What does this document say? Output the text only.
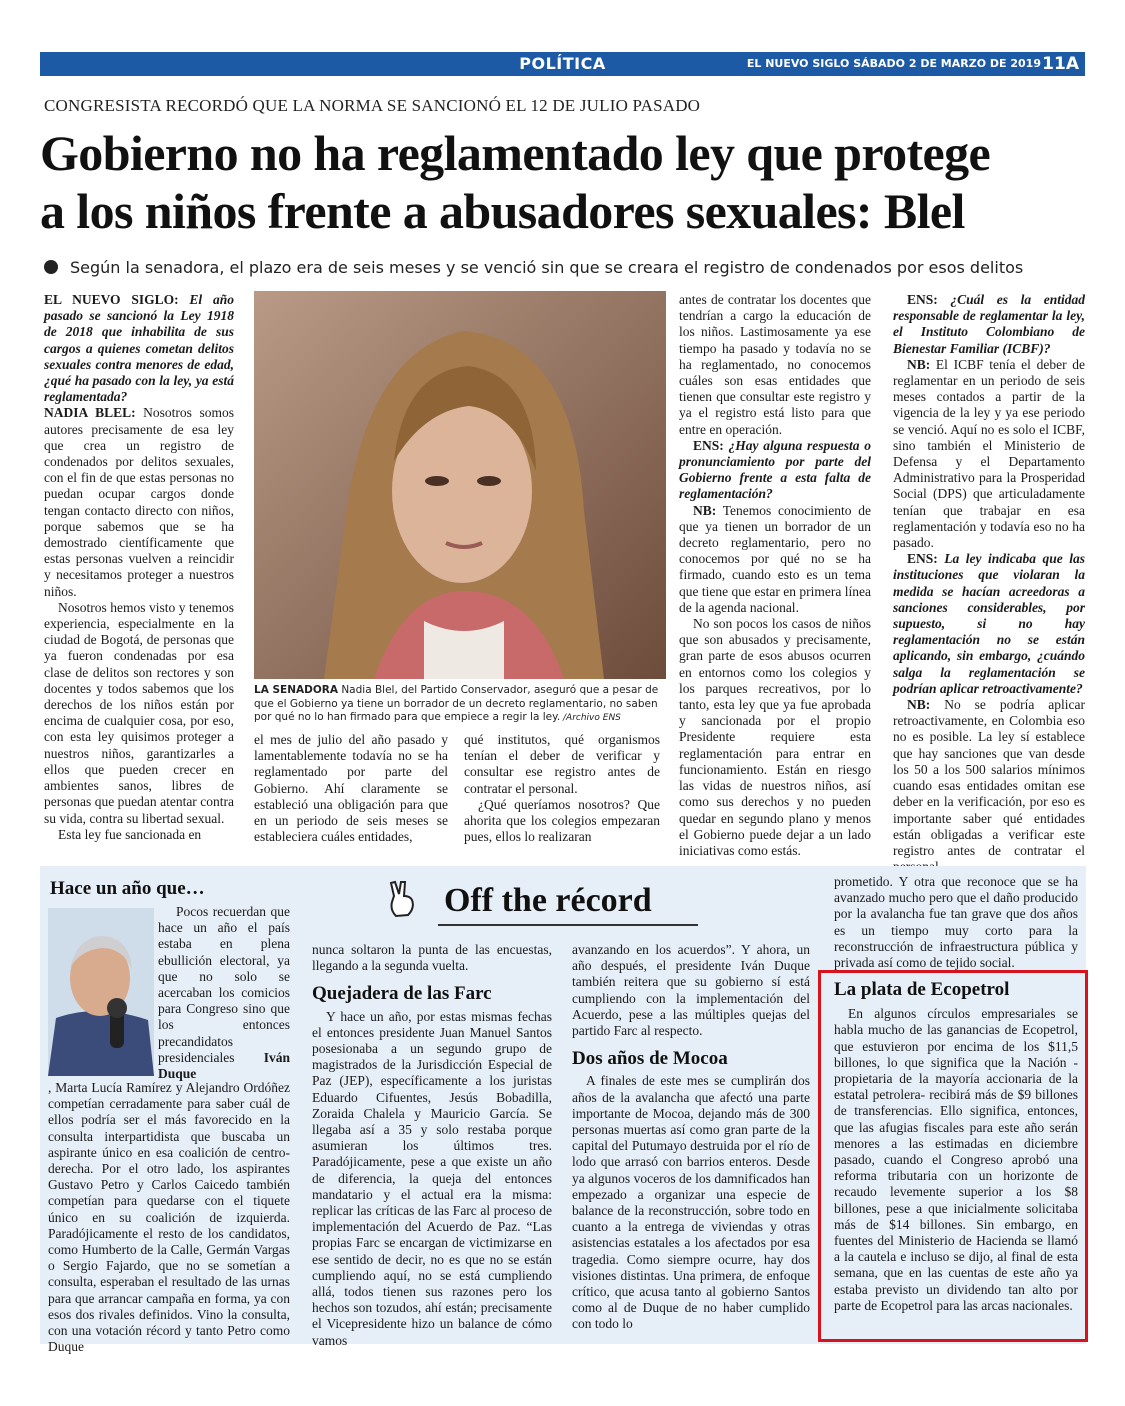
POLÍTICA	EL NUEVO SIGLO SÁBADO 2 DE MARZO DE 2019 11A
CONGRESISTA RECORDÓ QUE LA NORMA SE SANCIONÓ EL 12 DE JULIO PASADO
Gobierno no ha reglamentado ley que protege
a los niños frente a abusadores sexuales: Blel
Según la senadora, el plazo era de seis meses y se venció sin que se creara el registro de condenados por esos delitos

EL NUEVO SIGLO: El año pasado se sancionó la Ley 1918 de 2018 que inhabilita de sus cargos a quienes cometan delitos sexuales contra menores de edad, ¿qué ha pasado con la ley, ya está reglamentada?

NADIA BLEL: Nosotros somos autores precisamente de esa ley que crea un registro de condenados por delitos sexuales, con el fin de que estas personas no puedan ocupar cargos donde tengan contacto directo con niños, porque sabemos que se ha demostrado científicamente que estas personas vuelven a reincidir y necesitamos proteger a nuestros niños.

Nosotros hemos visto y tenemos experiencia, especialmente en la ciudad de Bogotá, de personas que ya fueron condenadas por esa clase de delitos son rectores y son docentes y todos sabemos que los derechos de los niños están por encima de cualquier cosa, por eso, con esta ley quisimos proteger a nuestros niños, garantizarles a ellos que pueden crecer en ambientes sanos, libres de personas que puedan atentar contra su vida, contra su libertad sexual.

Esta ley fue sancionada en

LA SENADORA Nadia Blel, del Partido Conservador, aseguró que a pesar de que el Gobierno ya tiene un borrador de un decreto reglamentario, no saben por qué no lo han firmado para que empiece a regir la ley. /Archivo ENS

el mes de julio del año pasado y lamentablemente todavía no se ha reglamentado por parte del Gobierno. Ahí claramente se estableció una obligación para que en un periodo de seis meses se estableciera cuáles entidades,

qué institutos, qué organismos tenían el deber de verificar y consultar ese registro antes de contratar el personal.

¿Qué queríamos nosotros? Que ahorita que los colegios empezaran pues, ellos lo realizaran

antes de contratar los docentes que tendrían a cargo la educación de los niños. Lastimosamente ya ese tiempo ha pasado y todavía no se ha reglamentado, no conocemos cuáles son esas entidades que tienen que consultar este registro y ya el registro está listo para que entre en operación.

ENS: ¿Hay alguna respuesta o pronunciamiento por parte del Gobierno frente a esta falta de reglamentación?

NB: Tenemos conocimiento de que ya tienen un borrador de un decreto reglamentario, pero no conocemos por qué no se ha firmado, cuando esto es un tema que tiene que estar en primera línea de la agenda nacional.

No son pocos los casos de niños que son abusados y precisamente, gran parte de esos abusos ocurren en entornos como los colegios y los parques recreativos, por lo tanto, esta ley que ya fue aprobada y sancionada por el propio Presidente requiere esta reglamentación para entrar en funcionamiento. Están en riesgo las vidas de nuestros niños, así como sus derechos y no pueden quedar en segundo plano y menos el Gobierno puede dejar a un lado iniciativas como estás.

ENS: ¿Cuál es la entidad responsable de reglamentar la ley, el Instituto Colombiano de Bienestar Familiar (ICBF)?

NB: El ICBF tenía el deber de reglamentar en un periodo de seis meses contados a partir de la vigencia de la ley y ya ese periodo se venció. Aquí no es solo el ICBF, sino también el Ministerio de Defensa y el Departamento Administrativo para la Prosperidad Social (DPS) que articuladamente tenían que trabajar en esa reglamentación y todavía eso no ha pasado.

ENS: La ley indicaba que las instituciones que violaran la medida se hacían acreedoras a sanciones considerables, por supuesto, si no hay reglamentación no se están aplicando, sin embargo, ¿cuándo salga la reglamentación se podrían aplicar retroactivamente?

NB: No se podría aplicar retroactivamente, en Colombia eso no es posible. La ley sí establece que hay sanciones que van desde los 50 a los 500 salarios mínimos cuando esas entidades omitan ese deber en la verificación, por eso es importante saber qué entidades están obligadas a verificar este registro antes de contratar el

Off the récord
Hace un año que…

Pocos recuerdan que hace un año el país estaba en plena ebullición electoral, ya que no solo se acercaban los comicios para Congreso sino que los entonces precandidatos presidenciales Iván Duque

, Marta Lucía Ramírez y Alejandro Ordóñez competían cerradamente para saber cuál de ellos podría ser el más favorecido en la consulta interpartidista que buscaba un aspirante único en esa coalición de centro-derecha. Por el otro lado, los aspirantes Gustavo Petro y Carlos Caicedo también competían para quedarse con el tiquete único en su coalición de izquierda. Paradójicamente el resto de los candidatos, como Humberto de la Calle, Germán Vargas o Sergio Fajardo, que no se sometían a consulta, esperaban el resultado de las urnas para que arrancar campaña en forma, ya con esos dos rivales definidos. Vino la consulta, con una votación récord y tanto Petro como Duque

nunca soltaron la punta de las encuestas, llegando a la segunda vuelta.

Quejadera de las Farc

Y hace un año, por estas mismas fechas el entonces presidente Juan Manuel Santos posesionaba a un segundo grupo de magistrados de la Jurisdicción Especial de Paz (JEP), específicamente a los juristas Eduardo Cifuentes, Jesús Bobadilla, Zoraida Chalela y Mauricio García. Se llegaba así a 35 y solo restaba porque asumieran los últimos tres. Paradójicamente, pese a que existe un año de diferencia, la queja del entonces mandatario y el actual era la misma: replicar las críticas de las Farc al proceso de implementación del Acuerdo de Paz. “Las propias Farc se encargan de victimizarse en ese sentido de decir, no es que no se están cumpliendo aquí, no se está cumpliendo allá, todos tienen sus razones pero los hechos son tozudos, ahí están; precisamente el Vicepresidente hizo un balance de cómo vamos

avanzando en los acuerdos”. Y ahora, un año después, el presidente Iván Duque también reitera que su gobierno sí está cumpliendo con la implementación del Acuerdo, pese a las múltiples quejas del partido Farc al respecto.

Dos años de Mocoa

A finales de este mes se cumplirán dos años de la avalancha que afectó una parte importante de Mocoa, dejando más de 300 personas muertas así como gran parte de la capital del Putumayo destruida por el río de lodo que arrasó con barrios enteros. Desde ya algunos voceros de los damnificados han empezado a organizar una especie de balance de la reconstrucción, sobre todo en cuanto a la entrega de viviendas y otras asistencias estatales a los afectados por esa tragedia. Como siempre ocurre, hay dos visiones distintas. Una primera, de enfoque crítico, que acusa tanto al gobierno Santos como al de Duque de no haber cumplido con todo lo

prometido. Y otra que reconoce que se ha avanzado mucho pero que el daño producido por la avalancha fue tan grave que dos años es un tiempo muy corto para la reconstrucción de infraestructura pública y privada así como de tejido social.

La plata de Ecopetrol

En algunos círculos empresariales se habla mucho de las ganancias de Ecopetrol, que estuvieron por encima de los $11,5 billones, lo que significa que la Nación -propietaria de la mayoría accionaria de la estatal petrolera- recibirá más de $9 billones de transferencias. Ello significa, entonces, que las afugias fiscales para este año serán menores a las estimadas en diciembre pasado, cuando el Congreso aprobó una reforma tributaria con un horizonte de recaudo levemente superior a los $8 billones, pese a que inicialmente solicitaba más de $14 billones. Sin embargo, en fuentes del Ministerio de Hacienda se llamó a la cautela e incluso se dijo, al final de esta semana, que en las cuentas de este año ya estaba previsto un dividendo tan alto por parte de Ecopetrol para las arcas nacionales.
